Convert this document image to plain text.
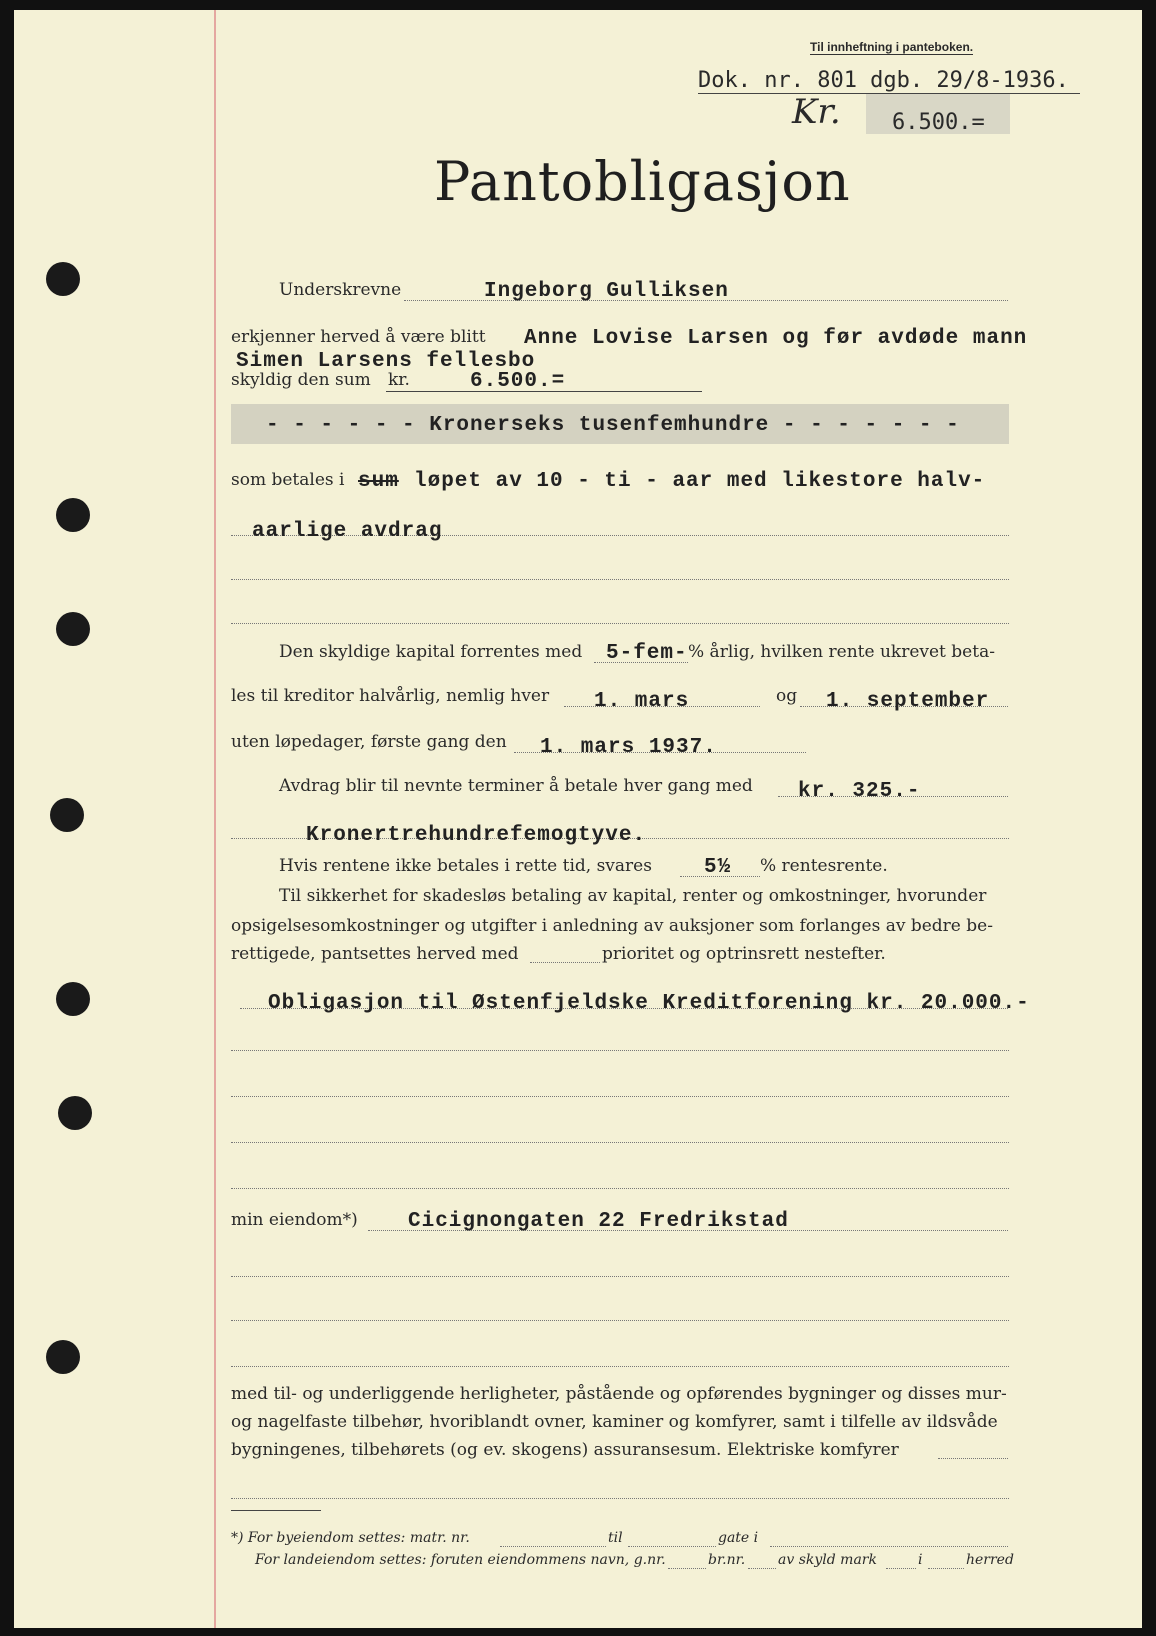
Til innheftning i panteboken.
Dok. nr. 801 dgb. 29/8-1936.
Kr. 6.500.=
Pantobligasjon
Underskrevne	Ingeborg Gulliksen
erkjenner herved å være blitt Anne Lovise Larsen og før avdøde mann
Simen Larsens fellesbo
skyldig den sum kr.	6.500.=
- - - - - - Kronerseks tusenfemhundre - - - - - - -
som betales i sum løpet av 10 - ti - aar med likestore halv-
aarlige avdrag
Den skyldige kapital forrentes med 5-fem- % årlig, hvilken rente ukrevet beta-
les til kreditor halvårlig, nemlig hver 1. mars	og 1. september
uten løpedager, første gang den 1. mars 1937.
Avdrag blir til nevnte terminer å betale hver gang med kr. 325.-
Kronertrehundrefemogtyve.
Hvis rentene ikke betales i rette tid, svares 5½ % rentesrente.
Til sikkerhet for skadesløs betaling av kapital, renter og omkostninger, hvorunder
opsigelsesomkostninger og utgifter i anledning av auksjoner som forlanges av bedre be-
rettigede, pantsettes herved med	prioritet og optrinsrett nestefter.
Obligasjon til Østenfjeldske Kreditforening kr. 20.000.-
min eiendom*) Cicignongaten 22 Fredrikstad
med til- og underliggende herligheter, påstående og opførendes bygninger og disses mur-
og nagelfaste tilbehør, hvoriblandt ovner, kaminer og komfyrer, samt i tilfelle av ildsvåde
bygningenes, tilbehørets (og ev. skogens) assuransesum. Elektriske komfyrer
*) For byeiendom settes: matr. nr.	til	gate i
For landeiendom settes: foruten eiendommens navn, g.nr.	br.nr. av skyld mark	i	herred
